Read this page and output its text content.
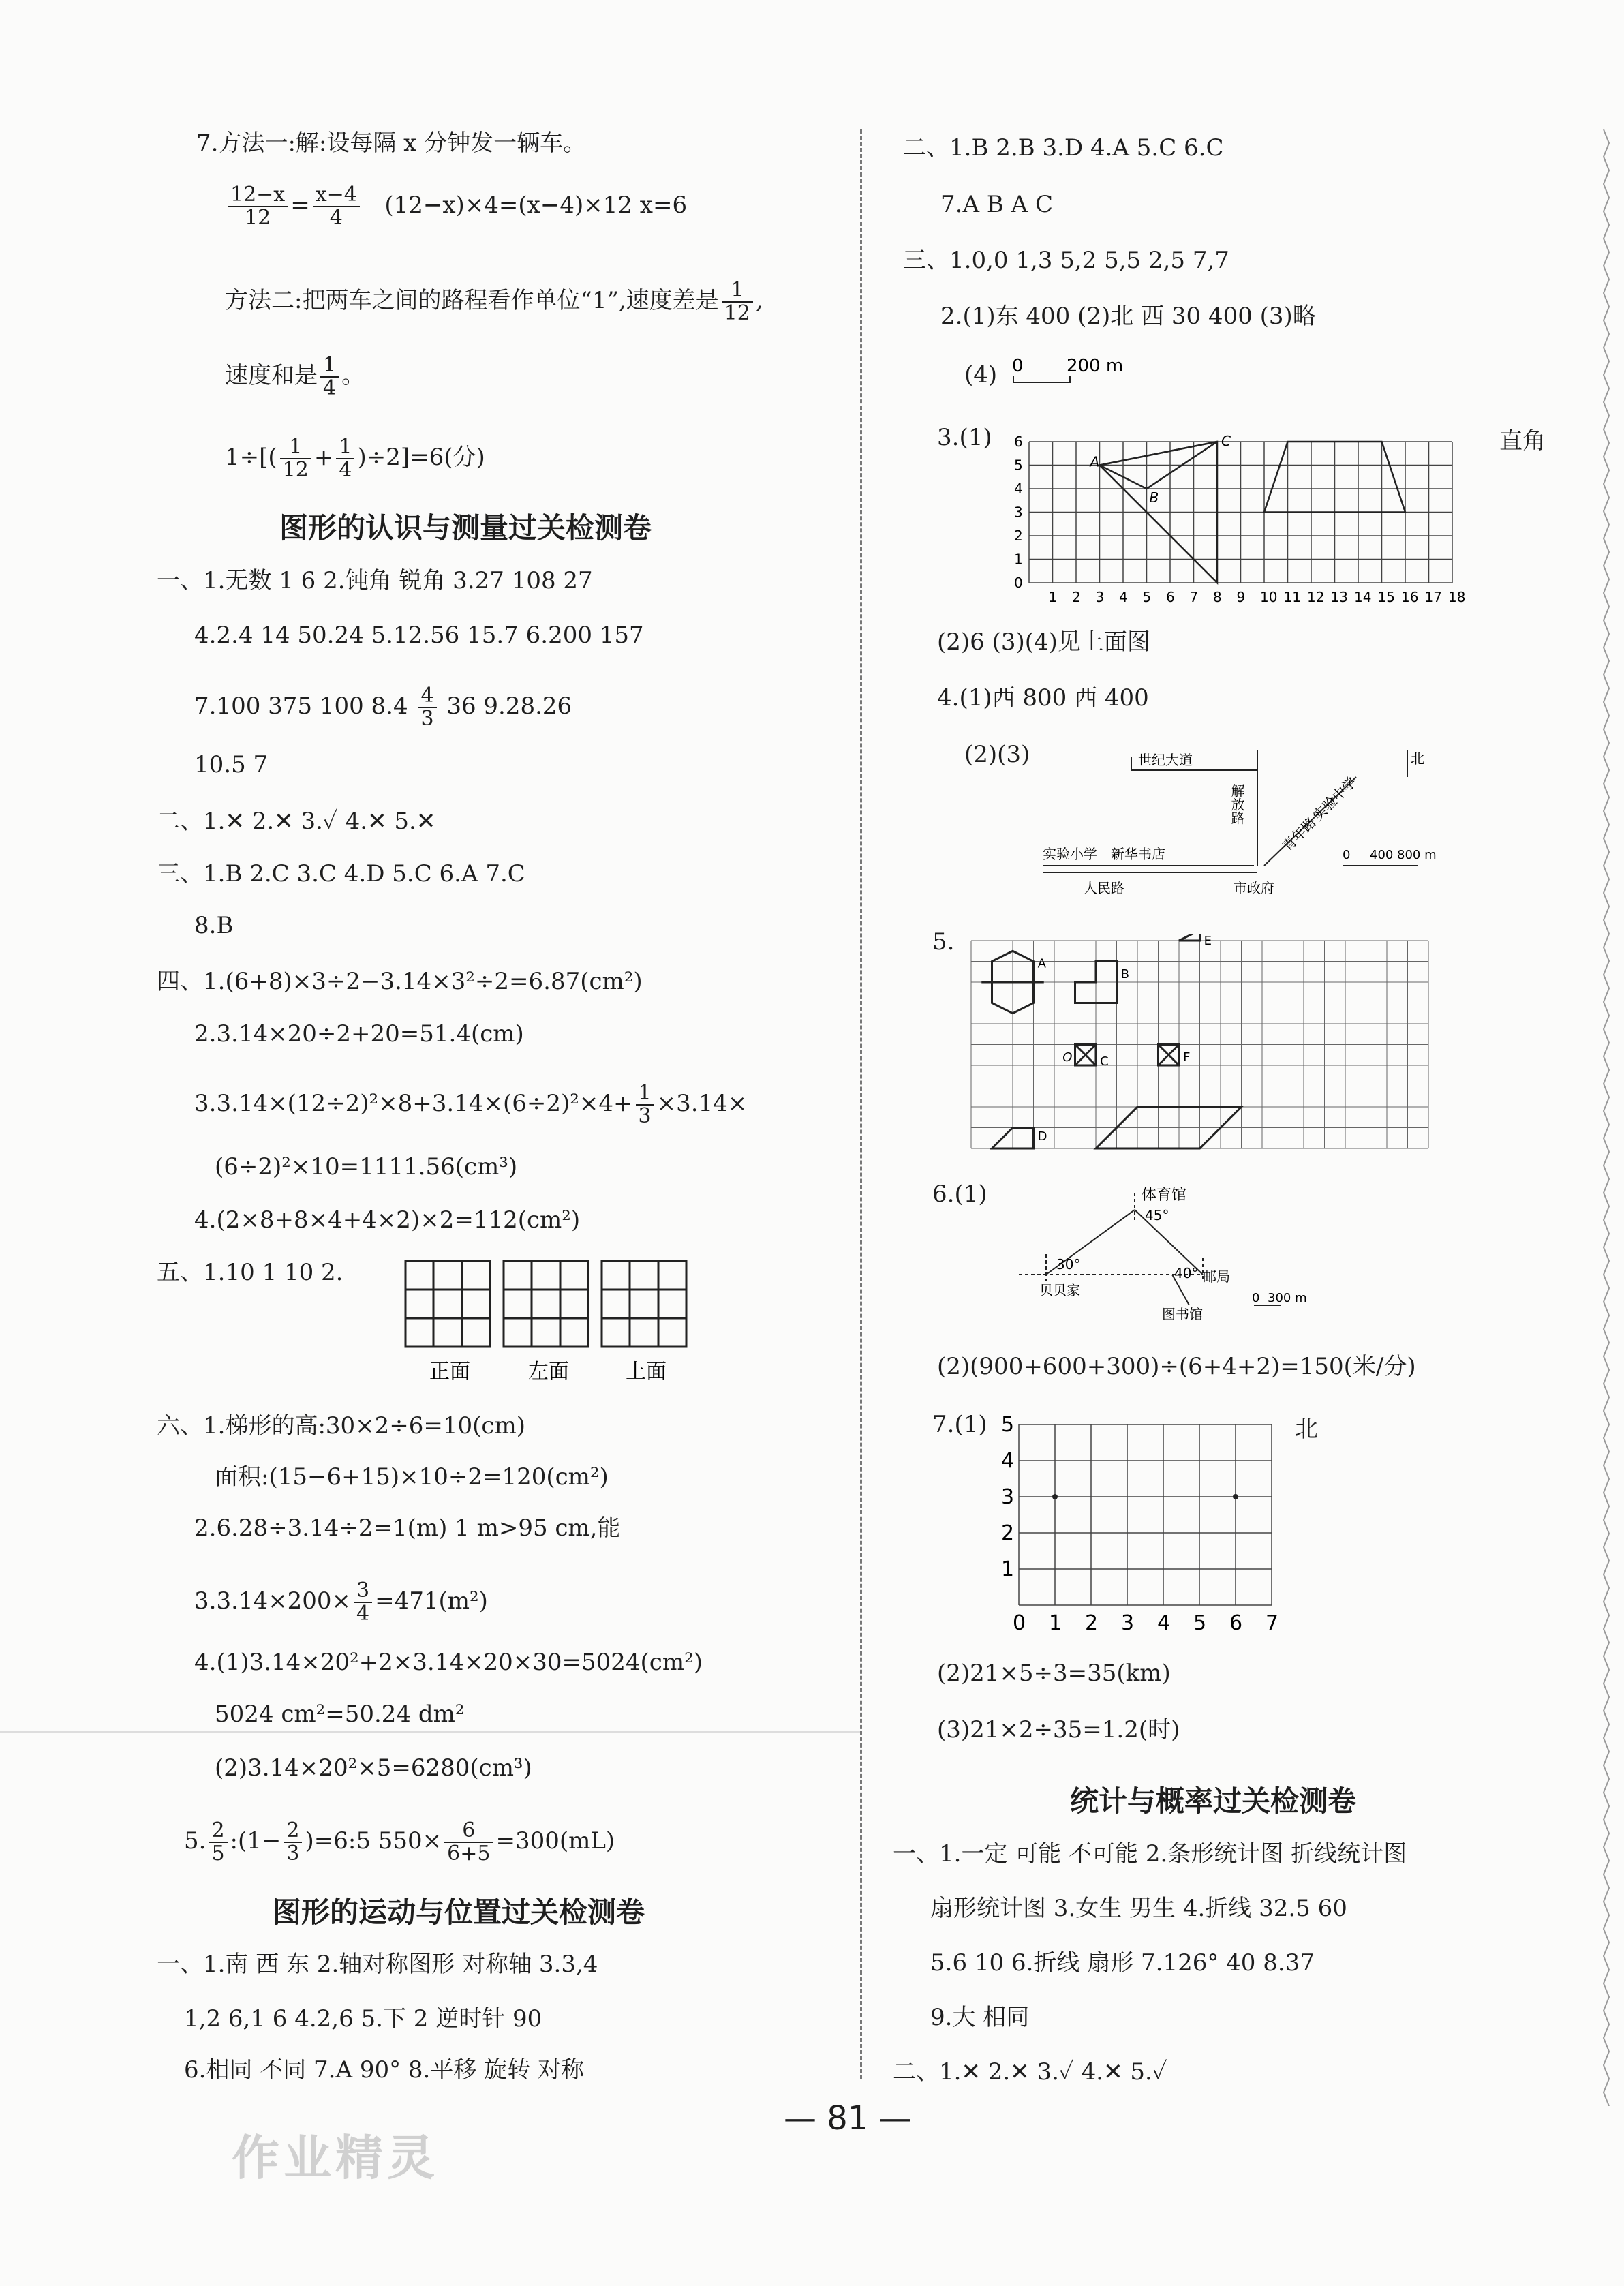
7.方法一:解:设每隔 x 分钟发一辆车。
$\frac{12-x}{12} = \frac{x-4}{4} (12-x)\times 4=(x-4)\times 12$ x=6
方法二:把两车之间的路程看作单位“1”,速度差是 $\frac{1}{12}$ ,
速度和是 $\frac{1}{4}$ 。
$1\div[( \frac{1}{12} + \frac{1}{4} )\div 2]=6$(分)
图形的认识与测量过关检测卷
一、1.无数 1 6 2.钝角 锐角 3.27 108 27
4.2.4 14 50.24 5.12.56 15.7 6.200 157
7.100 375 100 $8.4 \frac{4}{3} 36$ 9.28.26
10.5 7
二、1.✕ 2.✕ 3.✓ 4.✕ 5.✕
三、1.B 2.C 3.C 4.D 5.C 6.A 7.C
8.B
四、1.(6+8)×3÷2−3.14×3²÷2=6.87(cm²)
2.3.14×20÷2+20=51.4(cm)
$3.3.14\times(12\div 2)^2\times 8+3.14\times(6\div 2)^2\times 4+ \frac{1}{3} \times 3.14\times$
(6÷2)²×10=1111.56(cm³)
4.(2×8+8×4+4×2)×2=112(cm²)
五、1.10 1 10 2.
正面	左面	上面
六、1.梯形的高:30×2÷6=10(cm)
面积:(15−6+15)×10÷2=120(cm²)
2.6.28÷3.14÷2=1(m) 1 m>95 cm,能
$3.3.14\times 200\times \frac{3}{4} =471(m^2)$
4.(1)3.14×20²+2×3.14×20×30=5024(cm²)
5024 cm²=50.24 dm²
(2)3.14×20²×5=6280(cm³)
5. $\frac{2}{5}$ :(1− $\frac{2}{3}$ )=6:5 $550\times \frac{6}{6+5} =300(mL)$
图形的运动与位置过关检测卷
一、1.南 西 东 2.轴对称图形 对称轴 3.3,4
1,2 6,1 6 4.2,6 5.下 2 逆时针 90
6.相同 不同 7.A 90° 8.平移 旋转 对称
二、1.B 2.B 3.D 4.A 5.C 6.C
7.A B A C
三、1.0,0 1,3 5,2 5,5 2,5 7,7
2.(1)东 400 (2)北 西 30 400 (3)略
(4) 0 200 m
3.(1)	直角
0
1
2
3
4
5
6
1 2 3 4 5 6 7 8 9 10 11 12 13 14 15 16 17 18
A
B
C
(2)6 (3)(4)见上面图
4.(1)西 800 西 400
(2)(3)	世纪大道
解放路
青年路
实验中学
实验小学 新华书店
人民路	市政府
北
0 400 800 m
5.
A
B
C
D
E
F
O
6.(1)	体育馆
45°
30°
贝贝家
40° 邮局
图书馆
0 300 m
(2)(900+600+300)÷(6+4+2)=150(米/分)
7.(1)	北
1
2
3
4
5
0 1 2 3 4 5 6 7
(2)21×5÷3=35(km)
(3)21×2÷35=1.2(时)
统计与概率过关检测卷
一、1.一定 可能 不可能 2.条形统计图 折线统计图
扇形统计图 3.女生 男生 4.折线 32.5 60
5.6 10 6.折线 扇形 7.126° 40 8.37
9.大 相同
二、1.✕ 2.✕ 3.✓ 4.✕ 5.✓
— 81 —
作业精灵
